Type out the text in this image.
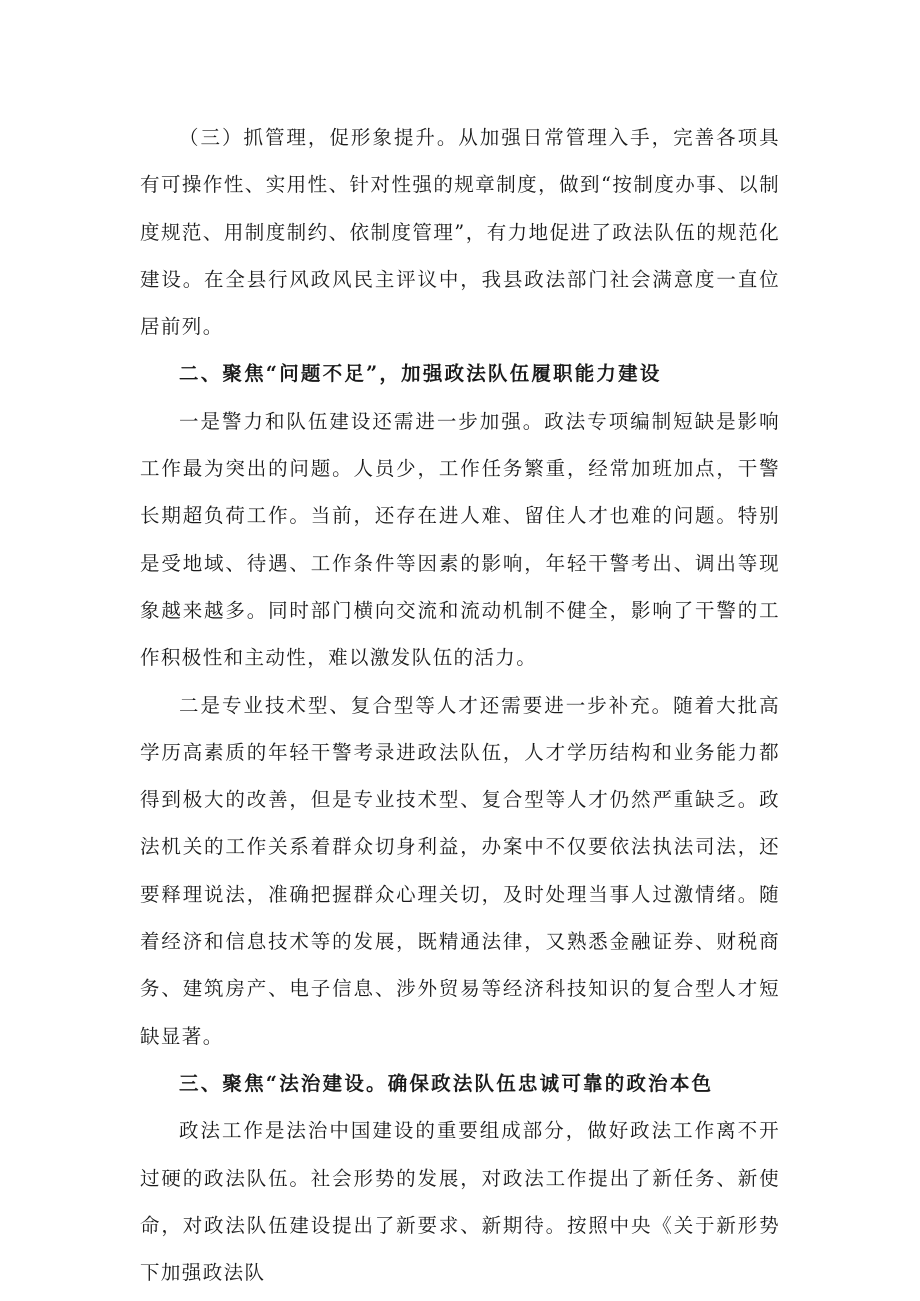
（三）抓管理，促形象提升。从加强日常管理入手，完善各项具有可操作性、实用性、针对性强的规章制度，做到“按制度办事、以制度规范、用制度制约、依制度管理”，有力地促进了政法队伍的规范化建设。在全县行风政风民主评议中，我县政法部门社会满意度一直位居前列。

二、聚焦“问题不足”，加强政法队伍履职能力建设

一是警力和队伍建设还需进一步加强。政法专项编制短缺是影响工作最为突出的问题。人员少，工作任务繁重，经常加班加点，干警长期超负荷工作。当前，还存在进人难、留住人才也难的问题。特别是受地域、待遇、工作条件等因素的影响，年轻干警考出、调出等现象越来越多。同时部门横向交流和流动机制不健全，影响了干警的工作积极性和主动性，难以激发队伍的活力。

二是专业技术型、复合型等人才还需要进一步补充。随着大批高学历高素质的年轻干警考录进政法队伍，人才学历结构和业务能力都得到极大的改善，但是专业技术型、复合型等人才仍然严重缺乏。政法机关的工作关系着群众切身利益，办案中不仅要依法执法司法，还要释理说法，准确把握群众心理关切，及时处理当事人过激情绪。随着经济和信息技术等的发展，既精通法律，又熟悉金融证券、财税商务、建筑房产、电子信息、涉外贸易等经济科技知识的复合型人才短缺显著。

三、聚焦“法治建设。确保政法队伍忠诚可靠的政治本色

政法工作是法治中国建设的重要组成部分，做好政法工作离不开过硬的政法队伍。社会形势的发展，对政法工作提出了新任务、新使命，对政法队伍建设提出了新要求、新期待。按照中央《关于新形势下加强政法队
